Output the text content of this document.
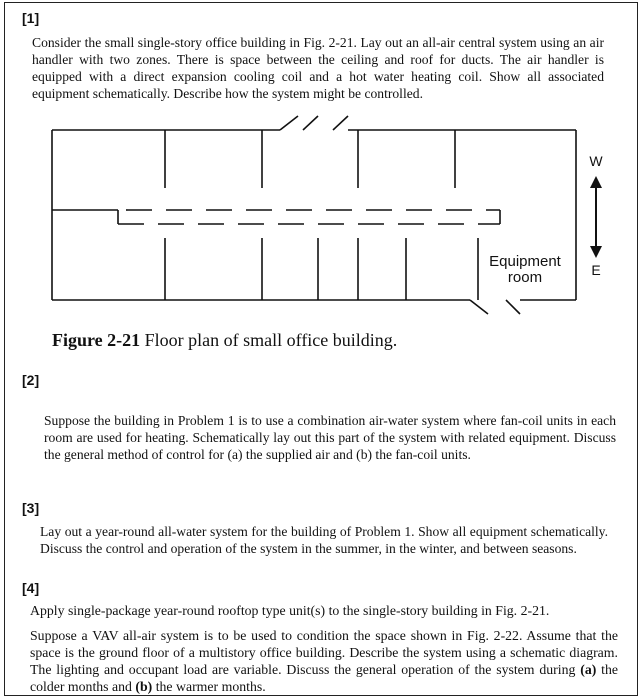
[1]

Consider the small single-story office building in Fig. 2-21. Lay out an all-air central system using an air handler with two zones. There is space between the ceiling and roof for ducts. The air handler is equipped with a direct expansion cooling coil and a hot water heating coil. Show all associated equipment schematically. Describe how the system might be controlled.

W
E
Equipment
room
Figure 2-21 Floor plan of small office building.
[2]

Suppose the building in Problem 1 is to use a combination air-water system where fan-coil units in each room are used for heating. Schematically lay out this part of the system with related equipment. Discuss the general method of control for (a) the supplied air and (b) the fan-coil units.

[3]

Lay out a year-round all-water system for the building of Problem 1. Show all equipment schematically. Discuss the control and operation of the system in the summer, in the winter, and between seasons.

[4]

Apply single-package year-round rooftop type unit(s) to the single-story building in Fig. 2-21.

Suppose a VAV all-air system is to be used to condition the space shown in Fig. 2-22. Assume that the space is the ground floor of a multistory office building. Describe the system using a schematic diagram. The lighting and occupant load are variable. Discuss the general operation of the system during (a) the colder months and (b) the warmer months.
